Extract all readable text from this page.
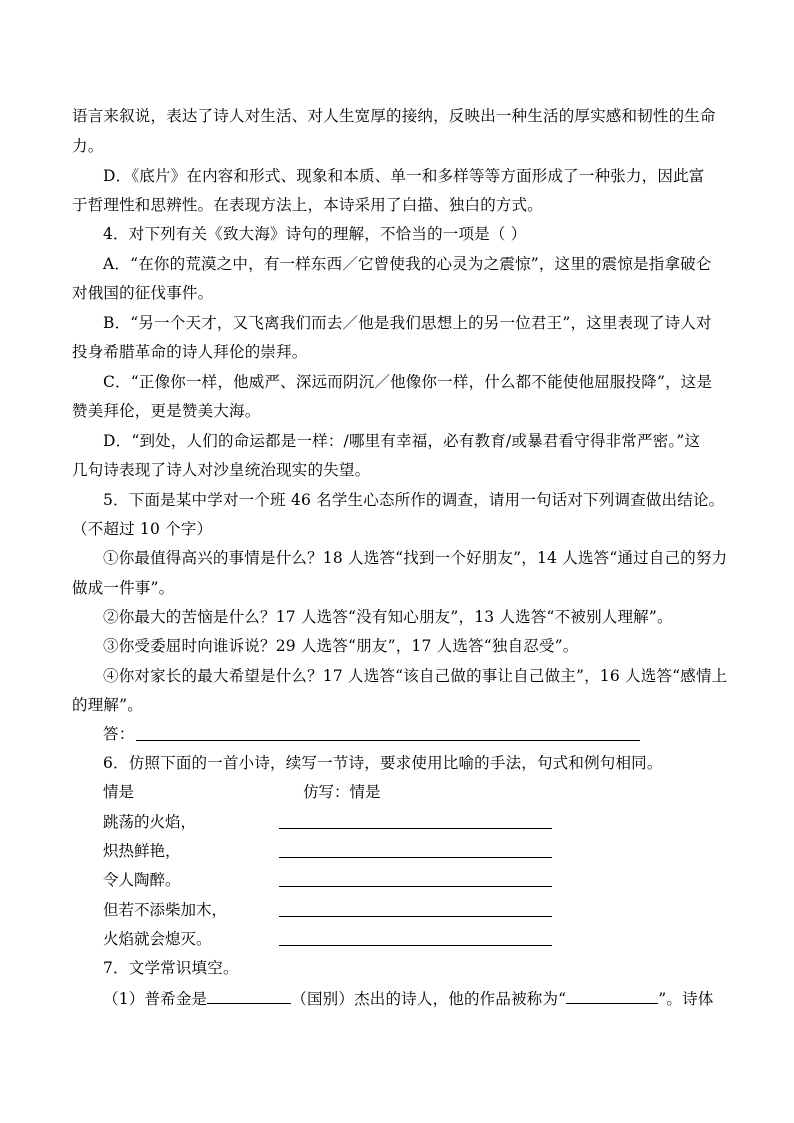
语言来叙说，表达了诗人对生活、对人生宽厚的接纳，反映出一种生活的厚实感和韧性的生命
力。
D．《底片》在内容和形式、现象和本质、单一和多样等等方面形成了一种张力，因此富
于哲理性和思辨性。在表现方法上，本诗采用了白描、独白的方式。
4．对下列有关《致大海》诗句的理解，不恰当的一项是（ ）
A．“在你的荒漠之中，有一样东西／它曾使我的心灵为之震惊”，这里的震惊是指拿破仑
对俄国的征伐事件。
B．“另一个天才，又飞离我们而去／他是我们思想上的另一位君王”，这里表现了诗人对
投身希腊革命的诗人拜伦的崇拜。
C．“正像你一样，他威严、深远而阴沉／他像你一样，什么都不能使他屈服投降”，这是
赞美拜伦，更是赞美大海。
D．“到处，人们的命运都是一样：/哪里有幸福，必有教育/或暴君看守得非常严密。”这
几句诗表现了诗人对沙皇统治现实的失望。
5．下面是某中学对一个班 46 名学生心态所作的调查，请用一句话对下列调查做出结论。
（不超过 10 个字）
①你最值得高兴的事情是什么？18 人选答“找到一个好朋友”，14 人选答“通过自己的努力
做成一件事”。
②你最大的苦恼是什么？17 人选答“没有知心朋友”，13 人选答“不被别人理解”。
③你受委屈时向谁诉说？29 人选答“朋友”，17 人选答“独自忍受”。
④你对家长的最大希望是什么？17 人选答“该自己做的事让自己做主”，16 人选答“感情上
的理解”。
答：
6．仿照下面的一首小诗，续写一节诗，要求使用比喻的手法，句式和例句相同。
情是	仿写：情是
跳荡的火焰，
炽热鲜艳，
令人陶醉。
但若不添柴加木，
火焰就会熄灭。
7．文学常识填空。
（1）普希金是	（国别）杰出的诗人，他的作品被称为“	”。诗体
